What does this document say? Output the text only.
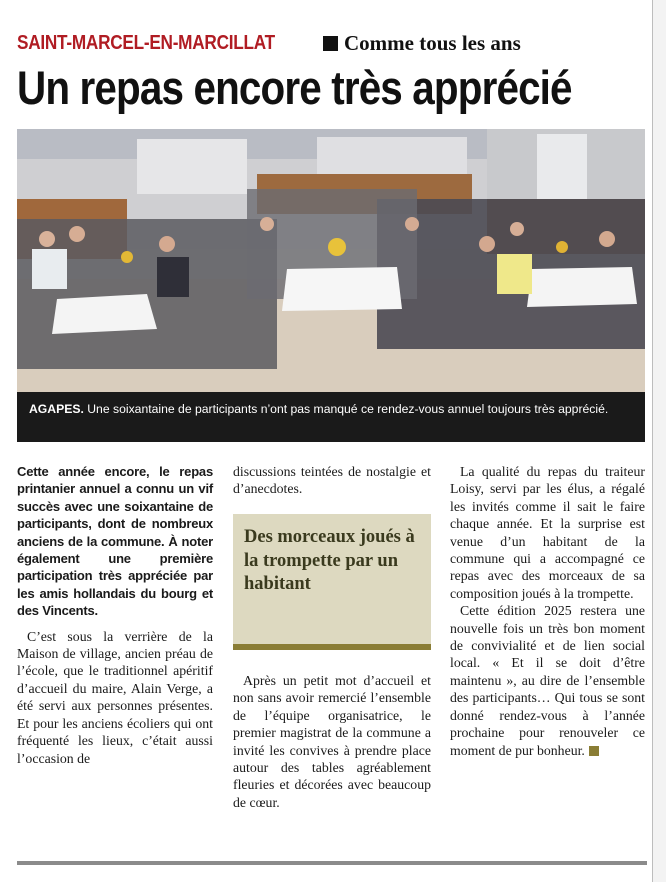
SAINT-MARCEL-EN-MARCILLAT	Comme tous les ans
Un repas encore très apprécié
AGAPES. Une soixantaine de participants n’ont pas manqué ce rendez-vous annuel toujours très apprécié.

Cette année encore, le repas printanier annuel a connu un vif succès avec une soixantaine de participants, dont de nombreux anciens de la commune. À noter également une première participation très appréciée par les amis hollandais du bourg et des Vincents.

C’est sous la verrière de la Maison de village, ancien préau de l’école, que le traditionnel apéritif d’accueil du maire, Alain Verge, a été servi aux personnes présentes. Et pour les anciens écoliers qui ont fréquenté les lieux, c’était aussi l’occasion de

discussions teintées de nostalgie et d’anecdotes.

Des morceaux joués à la trompette par un habitant

Après un petit mot d’accueil et non sans avoir remercié l’ensemble de l’équipe organisatrice, le premier magistrat de la commune a invité les convives à prendre place autour des tables agréablement fleuries et décorées avec beaucoup de cœur.

La qualité du repas du traiteur Loisy, servi par les élus, a régalé les invités comme il sait le faire chaque année. Et la surprise est venue d’un habitant de la commune qui a accompagné ce repas avec des morceaux de sa composition joués à la trompette.

Cette édition 2025 restera une nouvelle fois un très bon moment de convivialité et de lien social local. « Et il se doit d’être maintenu », au dire de l’ensemble des participants… Qui tous se sont donné rendez-vous à l’année prochaine pour renouveler ce moment de pur bonheur.
